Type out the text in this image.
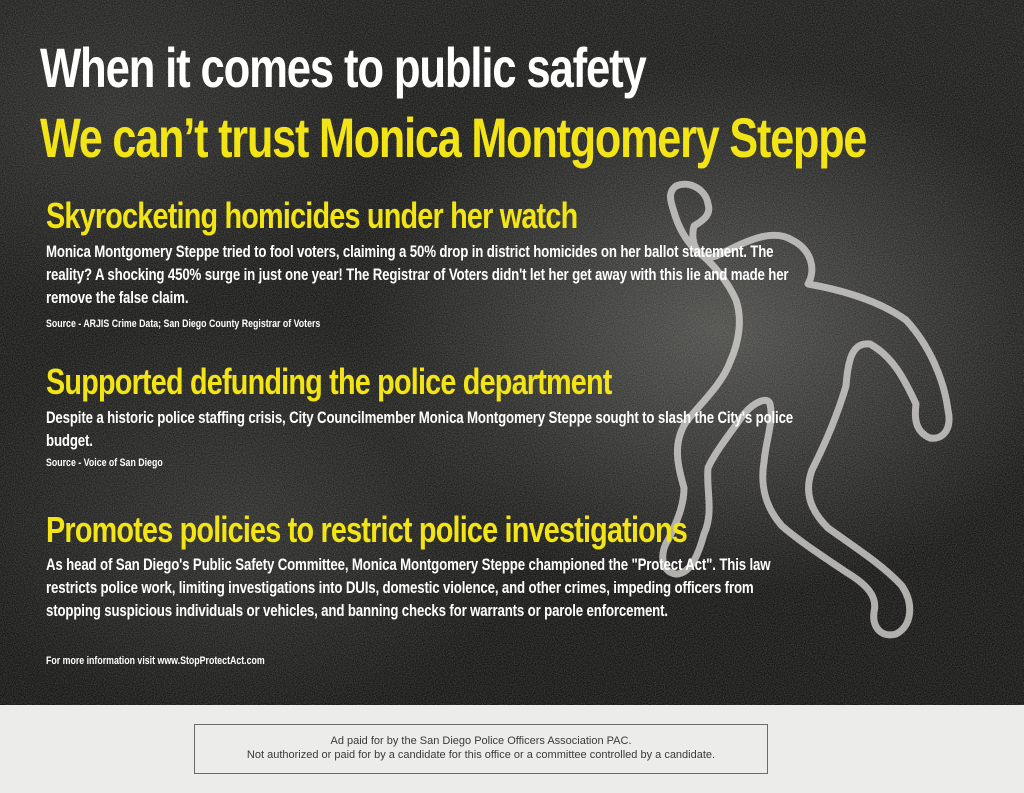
When it comes to public safety
We can’t trust Monica Montgomery Steppe
Skyrocketing homicides under her watch
Monica Montgomery Steppe tried to fool voters, claiming a 50% drop in district homicides on her ballot statement. The reality? A shocking 450% surge in just one year! The Registrar of Voters didn't let her get away with this lie and made her remove the false claim.
Source - ARJIS Crime Data; San Diego County Registrar of Voters
Supported defunding the police department
Despite a historic police staffing crisis, City Councilmember Monica Montgomery Steppe sought to slash the City's police budget.
Source - Voice of San Diego
Promotes policies to restrict police investigations
As head of San Diego's Public Safety Committee, Monica Montgomery Steppe championed the "Protect Act". This law restricts police work, limiting investigations into DUIs, domestic violence, and other crimes, impeding officers from stopping suspicious individuals or vehicles, and banning checks for warrants or parole enforcement.
For more information visit www.StopProtectAct.com
Ad paid for by the San Diego Police Officers Association PAC.
Not authorized or paid for by a candidate for this office or a committee controlled by a candidate.
